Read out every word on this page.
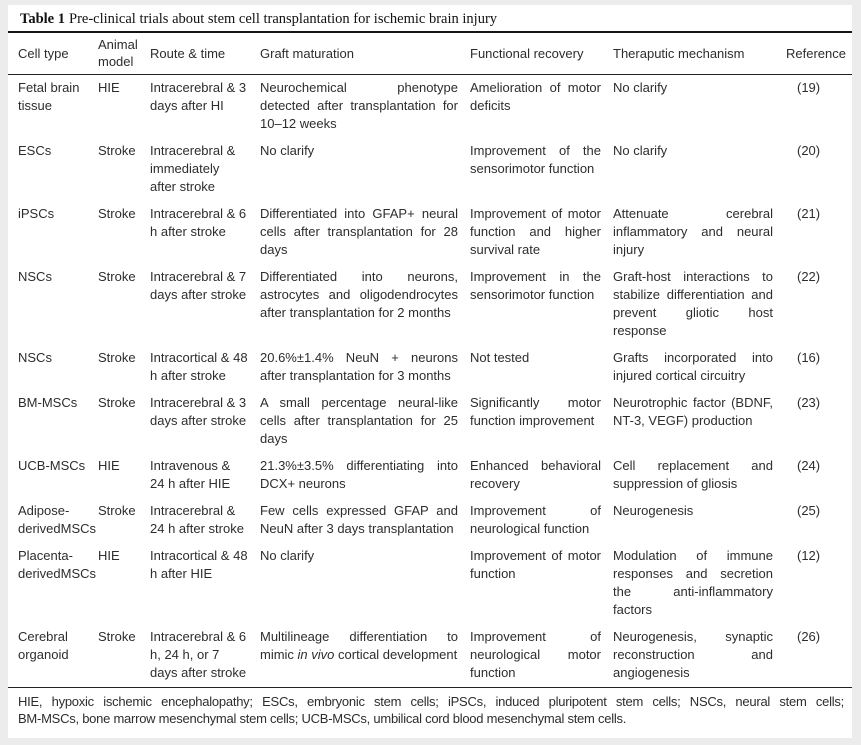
Table 1 Pre-clinical trials about stem cell transplantation for ischemic brain injury
Cell type	Animal model	Route & time	Graft maturation	Functional recovery	Theraputic mechanism	Reference
Fetal brain tissue	HIE	Intracerebral & 3 days after HI	Neurochemical phenotype detected after transplantation for 10–12 weeks	Amelioration of motor deficits	No clarify	(19)
ESCs	Stroke	Intracerebral & immediately after stroke	No clarify	Improvement of the sensorimotor function	No clarify	(20)
iPSCs	Stroke	Intracerebral & 6 h after stroke	Differentiated into GFAP+ neural cells after transplantation for 28 days	Improvement of motor function and higher survival rate	Attenuate cerebral inflammatory and neural injury	(21)
NSCs	Stroke	Intracerebral & 7 days after stroke	Differentiated into neurons, astrocytes and oligodendrocytes after transplantation for 2 months	Improvement in the sensorimotor function	Graft-host interactions to stabilize differentiation and prevent gliotic host response	(22)
NSCs	Stroke	Intracortical & 48 h after stroke	20.6%±1.4% NeuN + neurons after transplantation for 3 months	Not tested	Grafts incorporated into injured cortical circuitry	(16)
BM-MSCs	Stroke	Intracerebral & 3 days after stroke	A small percentage neural-like cells after transplantation for 25 days	Significantly motor function improvement	Neurotrophic factor (BDNF, NT-3, VEGF) production	(23)
UCB-MSCs	HIE	Intravenous & 24 h after HIE	21.3%±3.5% differentiating into DCX+ neurons	Enhanced behavioral recovery	Cell replacement and suppression of gliosis	(24)
Adipose-derivedMSCs	Stroke	Intracerebral & 24 h after stroke	Few cells expressed GFAP and NeuN after 3 days transplantation	Improvement of neurological function	Neurogenesis	(25)
Placenta-derivedMSCs	HIE	Intracortical & 48 h after HIE	No clarify	Improvement of motor function	Modulation of immune responses and secretion the anti-inflammatory factors	(12)
Cerebral organoid	Stroke	Intracerebral & 6 h, 24 h, or 7 days after stroke	Multilineage differentiation to mimic in vivo cortical development	Improvement of neurological motor function	Neurogenesis, synaptic reconstruction and angiogenesis	(26)
HIE, hypoxic ischemic encephalopathy; ESCs, embryonic stem cells; iPSCs, induced pluripotent stem cells; NSCs, neural stem cells;
BM-MSCs, bone marrow mesenchymal stem cells; UCB-MSCs, umbilical cord blood mesenchymal stem cells.
